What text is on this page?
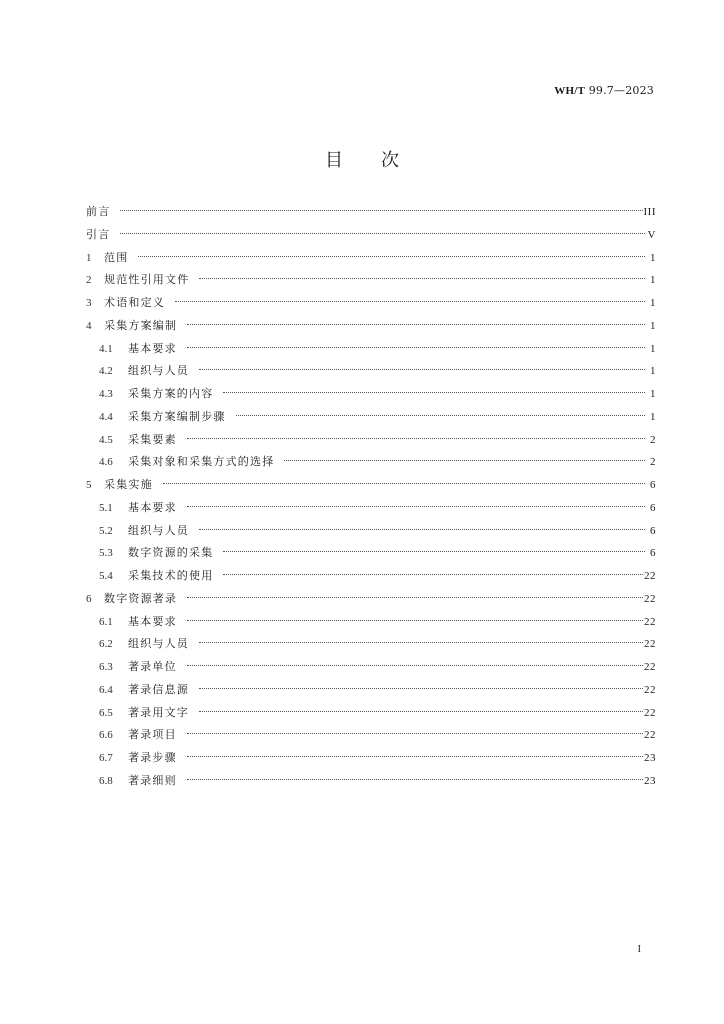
WH/T 99.7—2023
目次
前言	III
引言	V
1	范围	1
2	规范性引用文件	1
3	术语和定义	1
4	采集方案编制	1
4.1	基本要求	1
4.2	组织与人员	1
4.3	采集方案的内容	1
4.4	采集方案编制步骤	1
4.5	采集要素	2
4.6	采集对象和采集方式的选择	2
5	采集实施	6
5.1	基本要求	6
5.2	组织与人员	6
5.3	数字资源的采集	6
5.4	采集技术的使用	22
6	数字资源著录	22
6.1	基本要求	22
6.2	组织与人员	22
6.3	著录单位	22
6.4	著录信息源	22
6.5	著录用文字	22
6.6	著录项目	22
6.7	著录步骤	23
6.8	著录细则	23
I
